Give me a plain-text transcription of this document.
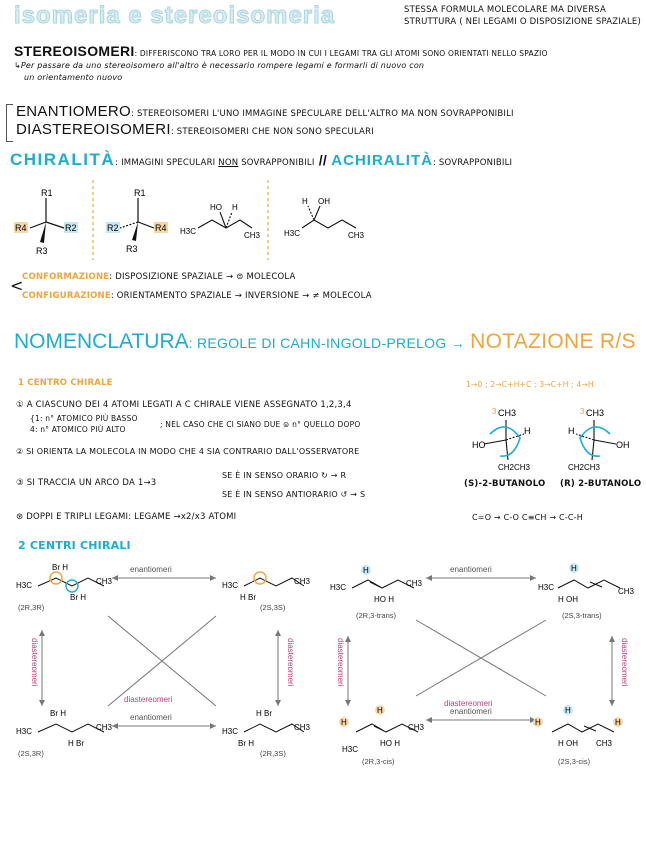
isomeria e stereoisomeria	STESSA FORMULA MOLECOLARE MA DIVERSA
STRUTTURA ( NEI LEGAMI O DISPOSIZIONE SPAZIALE)
STEREOISOMERI: DIFFERISCONO TRA LORO PER IL MODO IN CUI I LEGAMI TRA GLI ATOMI SONO ORIENTATI NELLO SPAZIO
↳Per passare da uno stereoisomero all'altro è necessario rompere legami e formarli di nuovo con
un orientamento nuovo
ENANTIOMERO: STEREOISOMERI L'UNO IMMAGINE SPECULARE DELL'ALTRO MA NON SOVRAPPONIBILI
DIASTEREOISOMERI: STEREOISOMERI CHE NON SONO SPECULARI
CHIRALITÀ: IMMAGINI SPECULARI NON SOVRAPPONIBILI // ACHIRALITÀ: SOVRAPPONIBILI
R1
R2
R3
R4
R1
R2
R3
R4
HO H
H3C	CH3
H OH
H3C	CH3
<
CONFORMAZIONE: DISPOSIZIONE SPAZIALE → ⊜ MOLECOLA
CONFIGURAZIONE: ORIENTAMENTO SPAZIALE → INVERSIONE → ≠ MOLECOLA
NOMENCLATURA: REGOLE DI CAHN-INGOLD-PRELOG → NOTAZIONE R/S
1 CENTRO CHIRALE	1→0 ; 2→C+H+C ; 3→C+H ; 4→H
① A CIASCUNO DEI 4 ATOMI LEGATI A C CHIRALE VIENE ASSEGNATO 1,2,3,4
{1: n° ATOMICO PIÙ BASSO
4: n° ATOMICO PIÙ ALTO
; NEL CASO CHE CI SIANO DUE ⊜ n° QUELLO DOPO
② SI ORIENTA LA MOLECOLA IN MODO CHE 4 SIA CONTRARIO DALL'OSSERVATORE
③ SI TRACCIA UN ARCO DA 1→3
SE È IN SENSO ORARIO ↻ → R
SE È IN SENSO ANTIORARIO ↺ → S
⊛ DOPPI E TRIPLI LEGAMI: LEGAME →x2/x3 ATOMI
3 CH3
HO
H
CH2CH3
3 CH3
OH
H
CH2CH3
(S)-2-BUTANOLO (R) 2-BUTANOLO
C=O → C-O C≡CH → C-C-H
2 CENTRI CHIRALI
enantiomeri
enantiomeri
diastereomeri
diastereomeri	diastereomeri
H3C	CH3
Br H
Br H
(2R,3R)
H3C	CH3
H Br
(2S,3S)
H3C	CH3
Br H
H Br
(2S,3R)
H3C	CH3
H Br
Br H
(2R,3S)
enantiomeri
enantiomeri
diastereomeri
diastereomeri	diastereomeri
H3C	CH3
H
HO H
(2R,3-trans)
H3C	CH3
H
H OH
(2S,3-trans)
H
H
CH3
H3C
HO H
(2R,3-cis)
H
H
H
H OH CH3
(2S,3-cis)
